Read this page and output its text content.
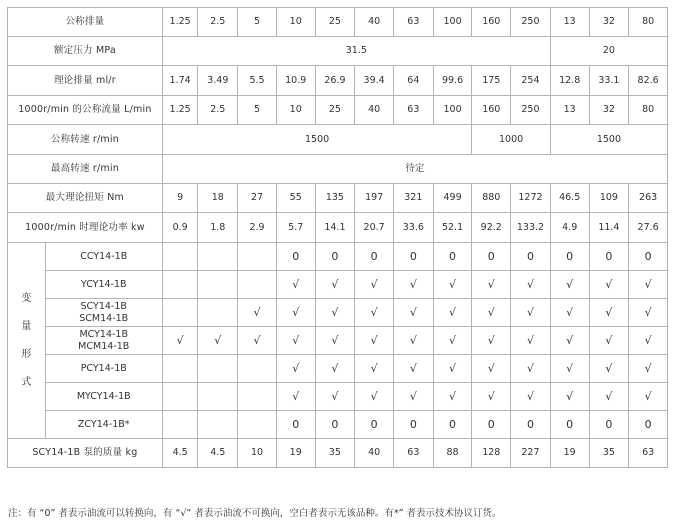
公称排量		1.25	2.5	5	10	25	40	63	100	160	250	13	32	80
额定压力 MPa		31.5										20		
理论排量 ml/r		1.74	3.49	5.5	10.9	26.9	39.4	64	99.6	175	254	12.8	33.1	82.6
1000r/min 的公称流量 L/min		1.25	2.5	5	10	25	40	63	100	160	250	13	32	80
公称转速 r/min		1500								1000		1500		
最高转速 r/min		待定												
最大理论扭矩 Nm		9	18	27	55	135	197	321	499	880	1272	46.5	109	263
1000r/min 时理论功率 kw		0.9	1.8	2.9	5.7	14.1	20.7	33.6	52.1	92.2	133.2	4.9	11.4	27.6

变
量
形
式	CCY14-1B				0	0	0	0	0	0	0	0	0	0

	YCY14-1B				√	√	√	√	√	√	√	√	√	√

	SCY14-1B
SCM14-1B			√	√	√	√	√	√	√	√	√	√	√

	MCY14-1B
MCM14-1B	√	√	√	√	√	√	√	√	√	√	√	√	√

	PCY14-1B				√	√	√	√	√	√	√	√	√	√

	MYCY14-1B				√	√	√	√	√	√	√	√	√	√

	ZCY14-1B*				0	0	0	0	0	0	0	0	0	0
SCY14-1B 泵的质量 kg		4.5	4.5	10	19	35	40	63	88	128	227	19	35	63
注：有 “0” 者表示油流可以转换向，有 “√” 者表示油流不可换向，空白者表示无该品种。有*” 者表示技术协议订货。
